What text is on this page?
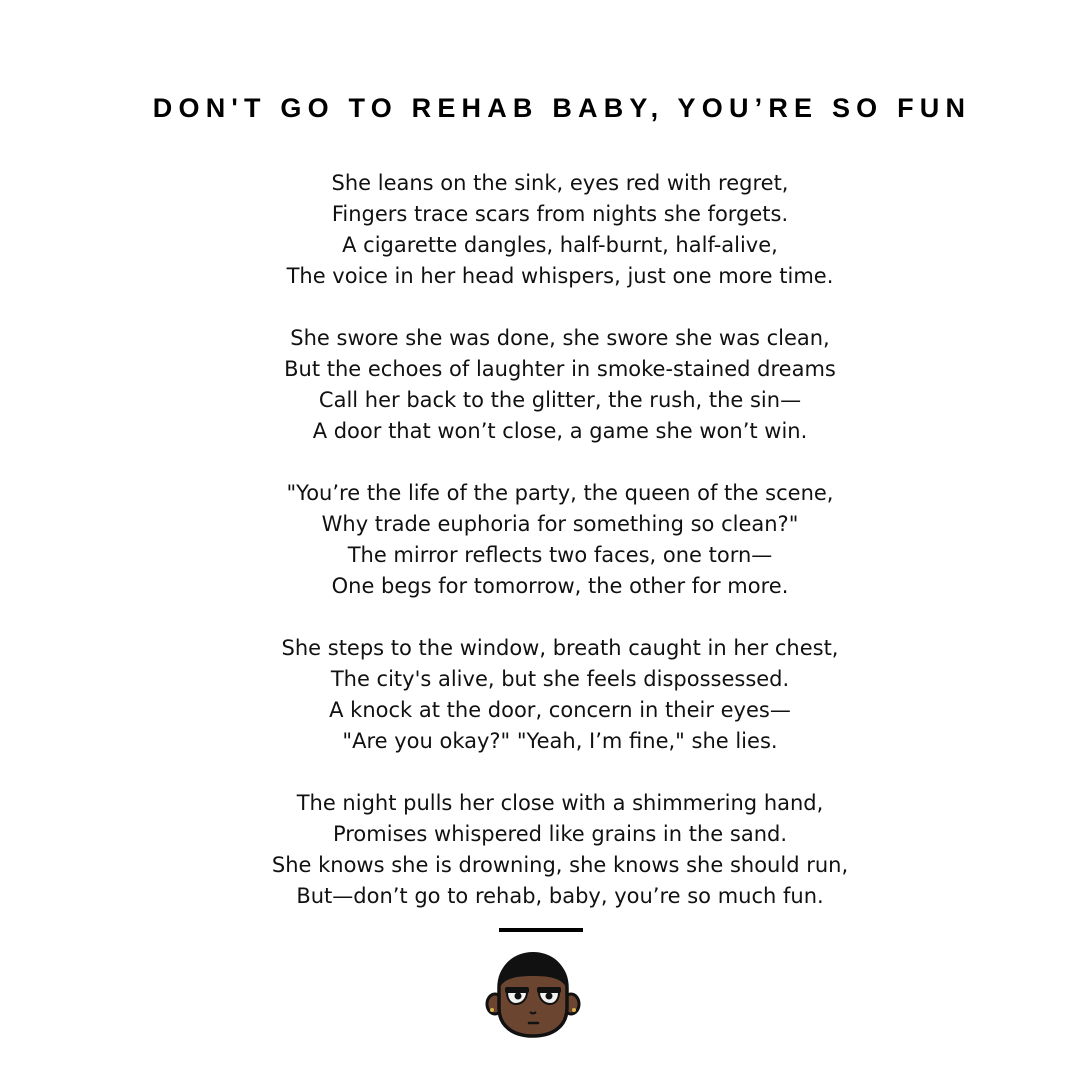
DON'T GO TO REHAB BABY, YOU’RE SO FUN

She leans on the sink, eyes red with regret,
Fingers trace scars from nights she forgets.
A cigarette dangles, half-burnt, half-alive,
The voice in her head whispers, just one more time.

She swore she was done, she swore she was clean,
But the echoes of laughter in smoke-stained dreams
Call her back to the glitter, the rush, the sin—
A door that won’t close, a game she won’t win.

"You’re the life of the party, the queen of the scene,
Why trade euphoria for something so clean?"
The mirror reflects two faces, one torn—
One begs for tomorrow, the other for more.

She steps to the window, breath caught in her chest,
The city's alive, but she feels dispossessed.
A knock at the door, concern in their eyes—
"Are you okay?" "Yeah, I’m fine," she lies.

The night pulls her close with a shimmering hand,
Promises whispered like grains in the sand.
She knows she is drowning, she knows she should run,
But—don’t go to rehab, baby, you’re so much fun.
